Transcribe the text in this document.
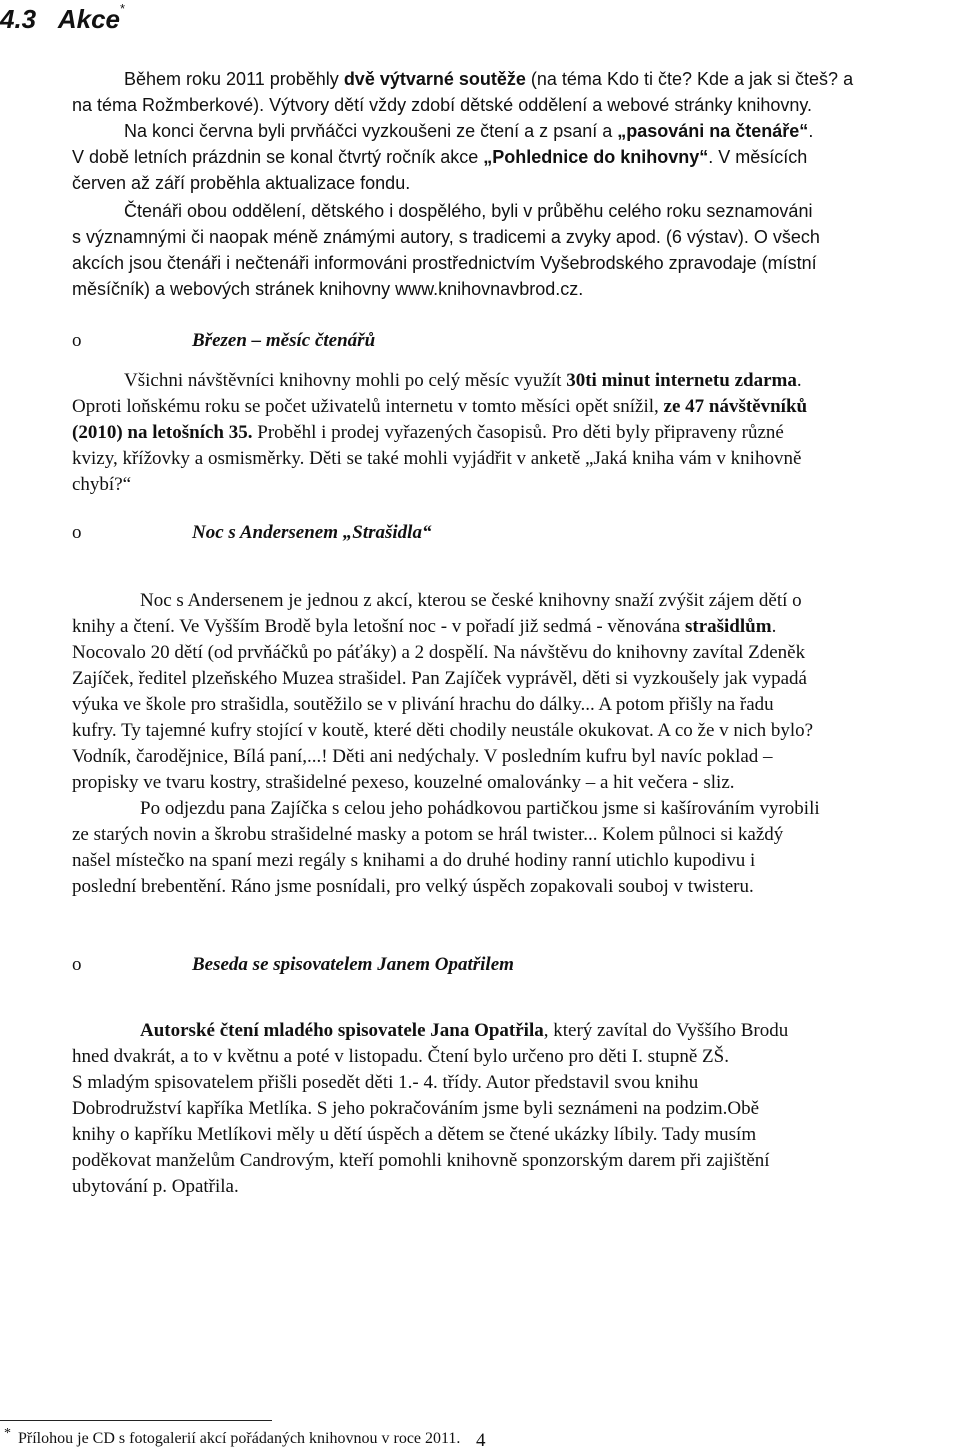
4.3 Akce *
Během roku 2011 proběhly dvě výtvarné soutěže (na téma Kdo ti čte? Kde a jak si čteš? a
na téma Rožmberkové). Výtvory dětí vždy zdobí dětské oddělení a webové stránky knihovny.
Na konci června byli prvňáčci vyzkoušeni ze čtení a z psaní a „pasováni na čtenáře“.
V době letních prázdnin se konal čtvrtý ročník akce „Pohlednice do knihovny“. V měsících
červen až září proběhla aktualizace fondu.
Čtenáři obou oddělení, dětského i dospělého, byli v průběhu celého roku seznamováni
s významnými či naopak méně známými autory, s tradicemi a zvyky apod. (6 výstav). O všech
akcích jsou čtenáři i nečtenáři informováni prostřednictvím Vyšebrodského zpravodaje (místní
měsíčník) a webových stránek knihovny www.knihovnavbrod.cz.
o	Březen – měsíc čtenářů
Všichni návštěvníci knihovny mohli po celý měsíc využít 30ti minut internetu zdarma.
Oproti loňskému roku se počet uživatelů internetu v tomto měsíci opět snížil, ze 47 návštěvníků
(2010) na letošních 35. Proběhl i prodej vyřazených časopisů. Pro děti byly připraveny různé
kvizy, křížovky a osmisměrky. Děti se také mohli vyjádřit v anketě „Jaká kniha vám v knihovně
chybí?“
o	Noc s Andersenem „Strašidla“
Noc s Andersenem je jednou z akcí, kterou se české knihovny snaží zvýšit zájem dětí o
knihy a čtení. Ve Vyšším Brodě byla letošní noc - v pořadí již sedmá - věnována strašidlům.
Nocovalo 20 dětí (od prvňáčků po páťáky) a 2 dospělí. Na návštěvu do knihovny zavítal Zdeněk
Zajíček, ředitel plzeňského Muzea strašidel. Pan Zajíček vyprávěl, děti si vyzkoušely jak vypadá
výuka ve škole pro strašidla, soutěžilo se v plivání hrachu do dálky... A potom přišly na řadu
kufry. Ty tajemné kufry stojící v koutě, které děti chodily neustále okukovat. A co že v nich bylo?
Vodník, čarodějnice, Bílá paní,...! Děti ani nedýchaly. V posledním kufru byl navíc poklad –
propisky ve tvaru kostry, strašidelné pexeso, kouzelné omalovánky – a hit večera - sliz.
Po odjezdu pana Zajíčka s celou jeho pohádkovou partičkou jsme si kašírováním vyrobili
ze starých novin a škrobu strašidelné masky a potom se hrál twister... Kolem půlnoci si každý
našel místečko na spaní mezi regály s knihami a do druhé hodiny ranní utichlo kupodivu i
poslední brebentění. Ráno jsme posnídali, pro velký úspěch zopakovali souboj v twisteru.
o	Beseda se spisovatelem Janem Opatřilem
Autorské čtení mladého spisovatele Jana Opatřila, který zavítal do Vyššího Brodu
hned dvakrát, a to v květnu a poté v listopadu. Čtení bylo určeno pro děti I. stupně ZŠ.
S mladým spisovatelem přišli posedět děti 1.- 4. třídy. Autor představil svou knihu
Dobrodružství kapříka Metlíka. S jeho pokračováním jsme byli seznámeni na podzim.Obě
knihy o kapříku Metlíkovi měly u dětí úspěch a dětem se čtené ukázky líbily. Tady musím
poděkovat manželům Candrovým, kteří pomohli knihovně sponzorským darem při zajištění
ubytování p. Opatřila.
* Přílohou je CD s fotogalerií akcí pořádaných knihovnou v roce 2011. 4
